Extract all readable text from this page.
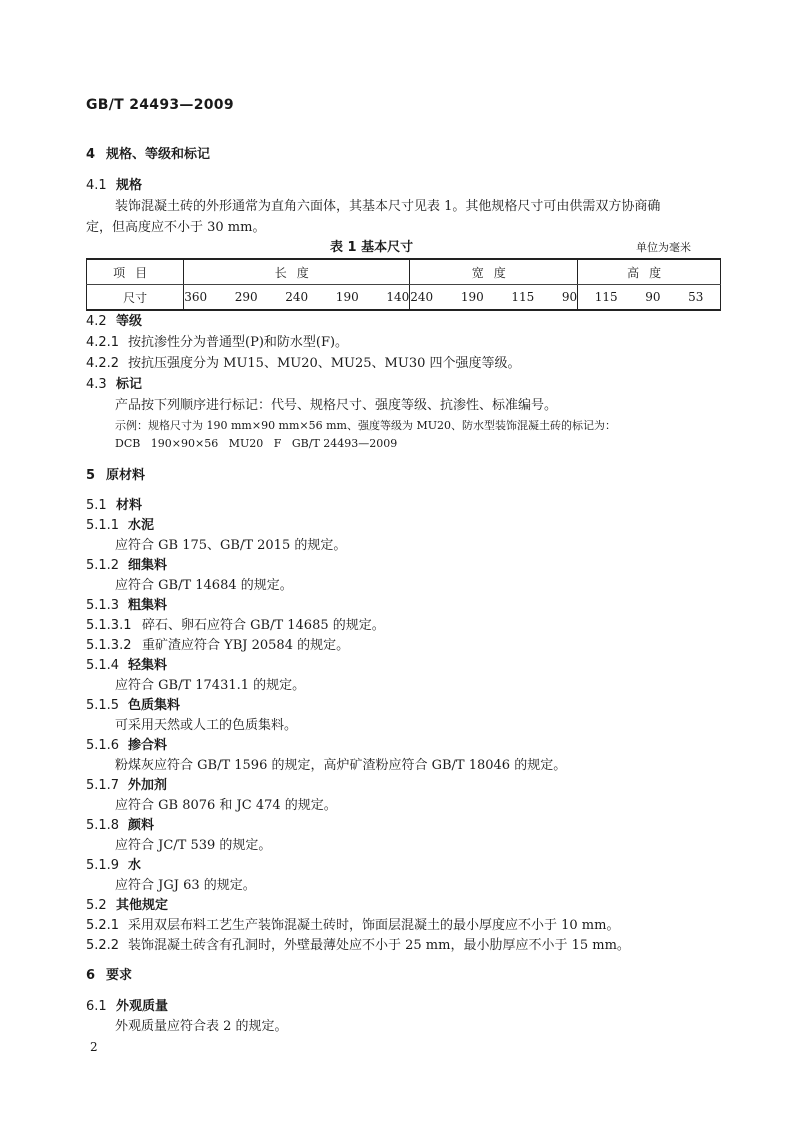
GB/T 24493—2009
4 规格、等级和标记
4.1 规格
装饰混凝土砖的外形通常为直角六面体，其基本尺寸见表 1。其他规格尺寸可由供需双方协商确
定，但高度应不小于 30 mm。
表 1 基本尺寸	单位为毫米
项目	长度	宽度	高度
尺寸	360  290  240  190  140	240  190  115  90	115  90  53
4.2 等级
4.2.1 按抗渗性分为普通型(P)和防水型(F)。
4.2.2 按抗压强度分为 MU15、MU20、MU25、MU30 四个强度等级。
4.3 标记
产品按下列顺序进行标记：代号、规格尺寸、强度等级、抗渗性、标准编号。
示例：规格尺寸为 190 mm×90 mm×56 mm、强度等级为 MU20、防水型装饰混凝土砖的标记为：
DCB   190×90×56   MU20   F   GB/T 24493—2009
5 原材料
5.1 材料
5.1.1 水泥
应符合 GB 175、GB/T 2015 的规定。
5.1.2 细集料
应符合 GB/T 14684 的规定。
5.1.3 粗集料
5.1.3.1 碎石、卵石应符合 GB/T 14685 的规定。
5.1.3.2 重矿渣应符合 YBJ 20584 的规定。
5.1.4 轻集料
应符合 GB/T 17431.1 的规定。
5.1.5 色质集料
可采用天然或人工的色质集料。
5.1.6 掺合料
粉煤灰应符合 GB/T 1596 的规定，高炉矿渣粉应符合 GB/T 18046 的规定。
5.1.7 外加剂
应符合 GB 8076 和 JC 474 的规定。
5.1.8 颜料
应符合 JC/T 539 的规定。
5.1.9 水
应符合 JGJ 63 的规定。
5.2 其他规定
5.2.1 采用双层布料工艺生产装饰混凝土砖时，饰面层混凝土的最小厚度应不小于 10 mm。
5.2.2 装饰混凝土砖含有孔洞时，外壁最薄处应不小于 25 mm，最小肋厚应不小于 15 mm。
6 要求
6.1 外观质量
外观质量应符合表 2 的规定。
2
